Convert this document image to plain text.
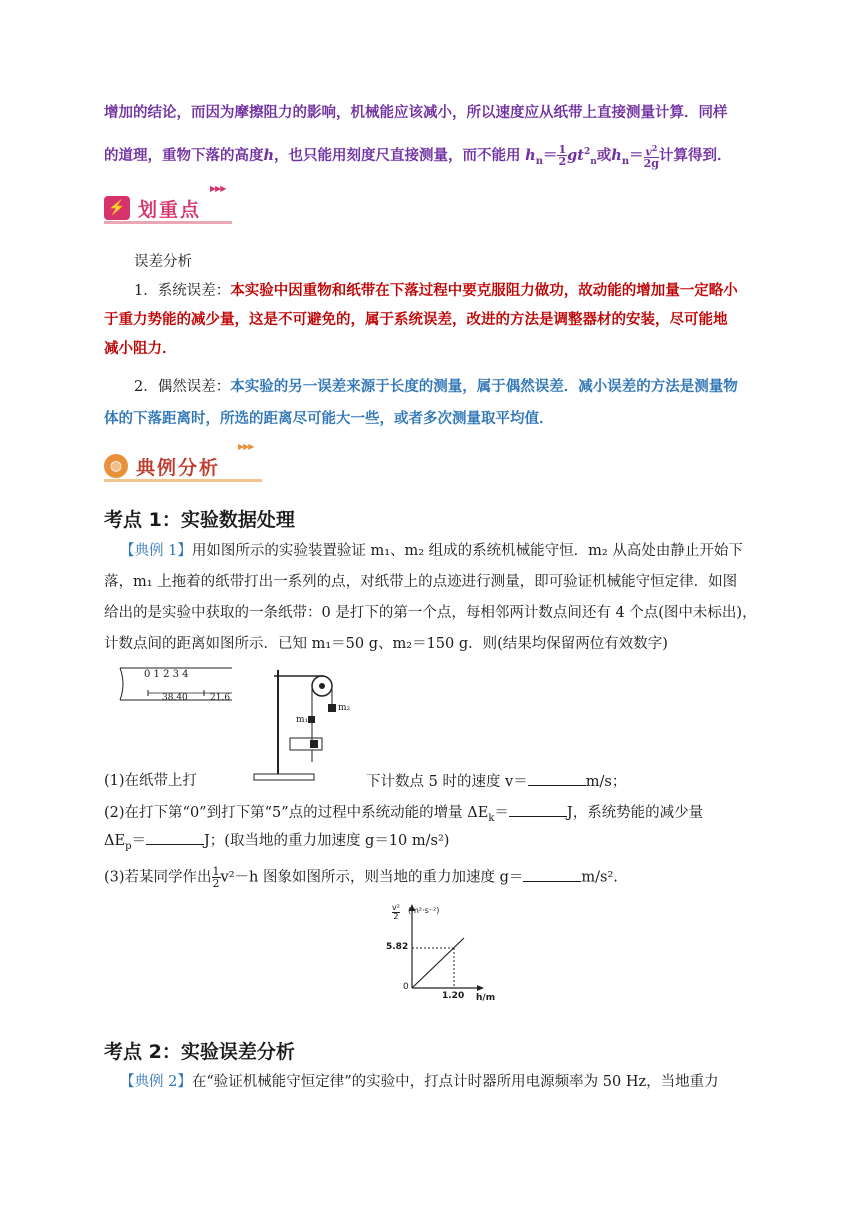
增加的结论，而因为摩擦阻力的影响，机械能应该减小，所以速度应从纸带上直接测量计算．同样
的道理，重物下落的高度h，也只能用刻度尺直接测量，而不能用 $h_n= \frac{1}{2} gt^2_n$或$h_n= \frac{v^2}{2g}$ 计算得到．
⚡ 划重点
▶▶▶
误差分析
1．系统误差：本实验中因重物和纸带在下落过程中要克服阻力做功，故动能的增加量一定略小
于重力势能的减少量，这是不可避免的，属于系统误差，改进的方法是调整器材的安装，尽可能地
减小阻力．
2．偶然误差：本实验的另一误差来源于长度的测量，属于偶然误差．减小误差的方法是测量物
体的下落距离时，所选的距离尽可能大一些，或者多次测量取平均值．
◍ 典例分析
▶▶▶
考点 1：实验数据处理
【典例 1】用如图所示的实验装置验证 m₁、m₂ 组成的系统机械能守恒．m₂ 从高处由静止开始下
落，m₁ 上拖着的纸带打出一系列的点，对纸带上的点迹进行测量，即可验证机械能守恒定律．如图
给出的是实验中获取的一条纸带：0 是打下的第一个点，每相邻两计数点间还有 4 个点(图中未标出)，
计数点间的距离如图所示．已知 m₁＝50 g、m₂＝150 g．则(结果均保留两位有效数字)
0 1 2 3 4
38.40 21.6
m₁
m₂
(1)在纸带上打	下计数点 5 时的速度 v＝	m/s；
(2)在打下第“0”到打下第“5”点的过程中系统动能的增量 $\Delta E_k=$	J，系统势能的减少量
$\Delta E_p=$	J；(取当地的重力加速度 g＝10 m/s²)
(3)若某同学作出 $\frac{1}{2} v^2-h$ 图象如图所示，则当地的重力加速度 g＝	m/s².
v²
2
(m²·s⁻²)
5.82
0
1.20 h/m
考点 2：实验误差分析
【典例 2】在“验证机械能守恒定律”的实验中，打点计时器所用电源频率为 50 Hz，当地重力
